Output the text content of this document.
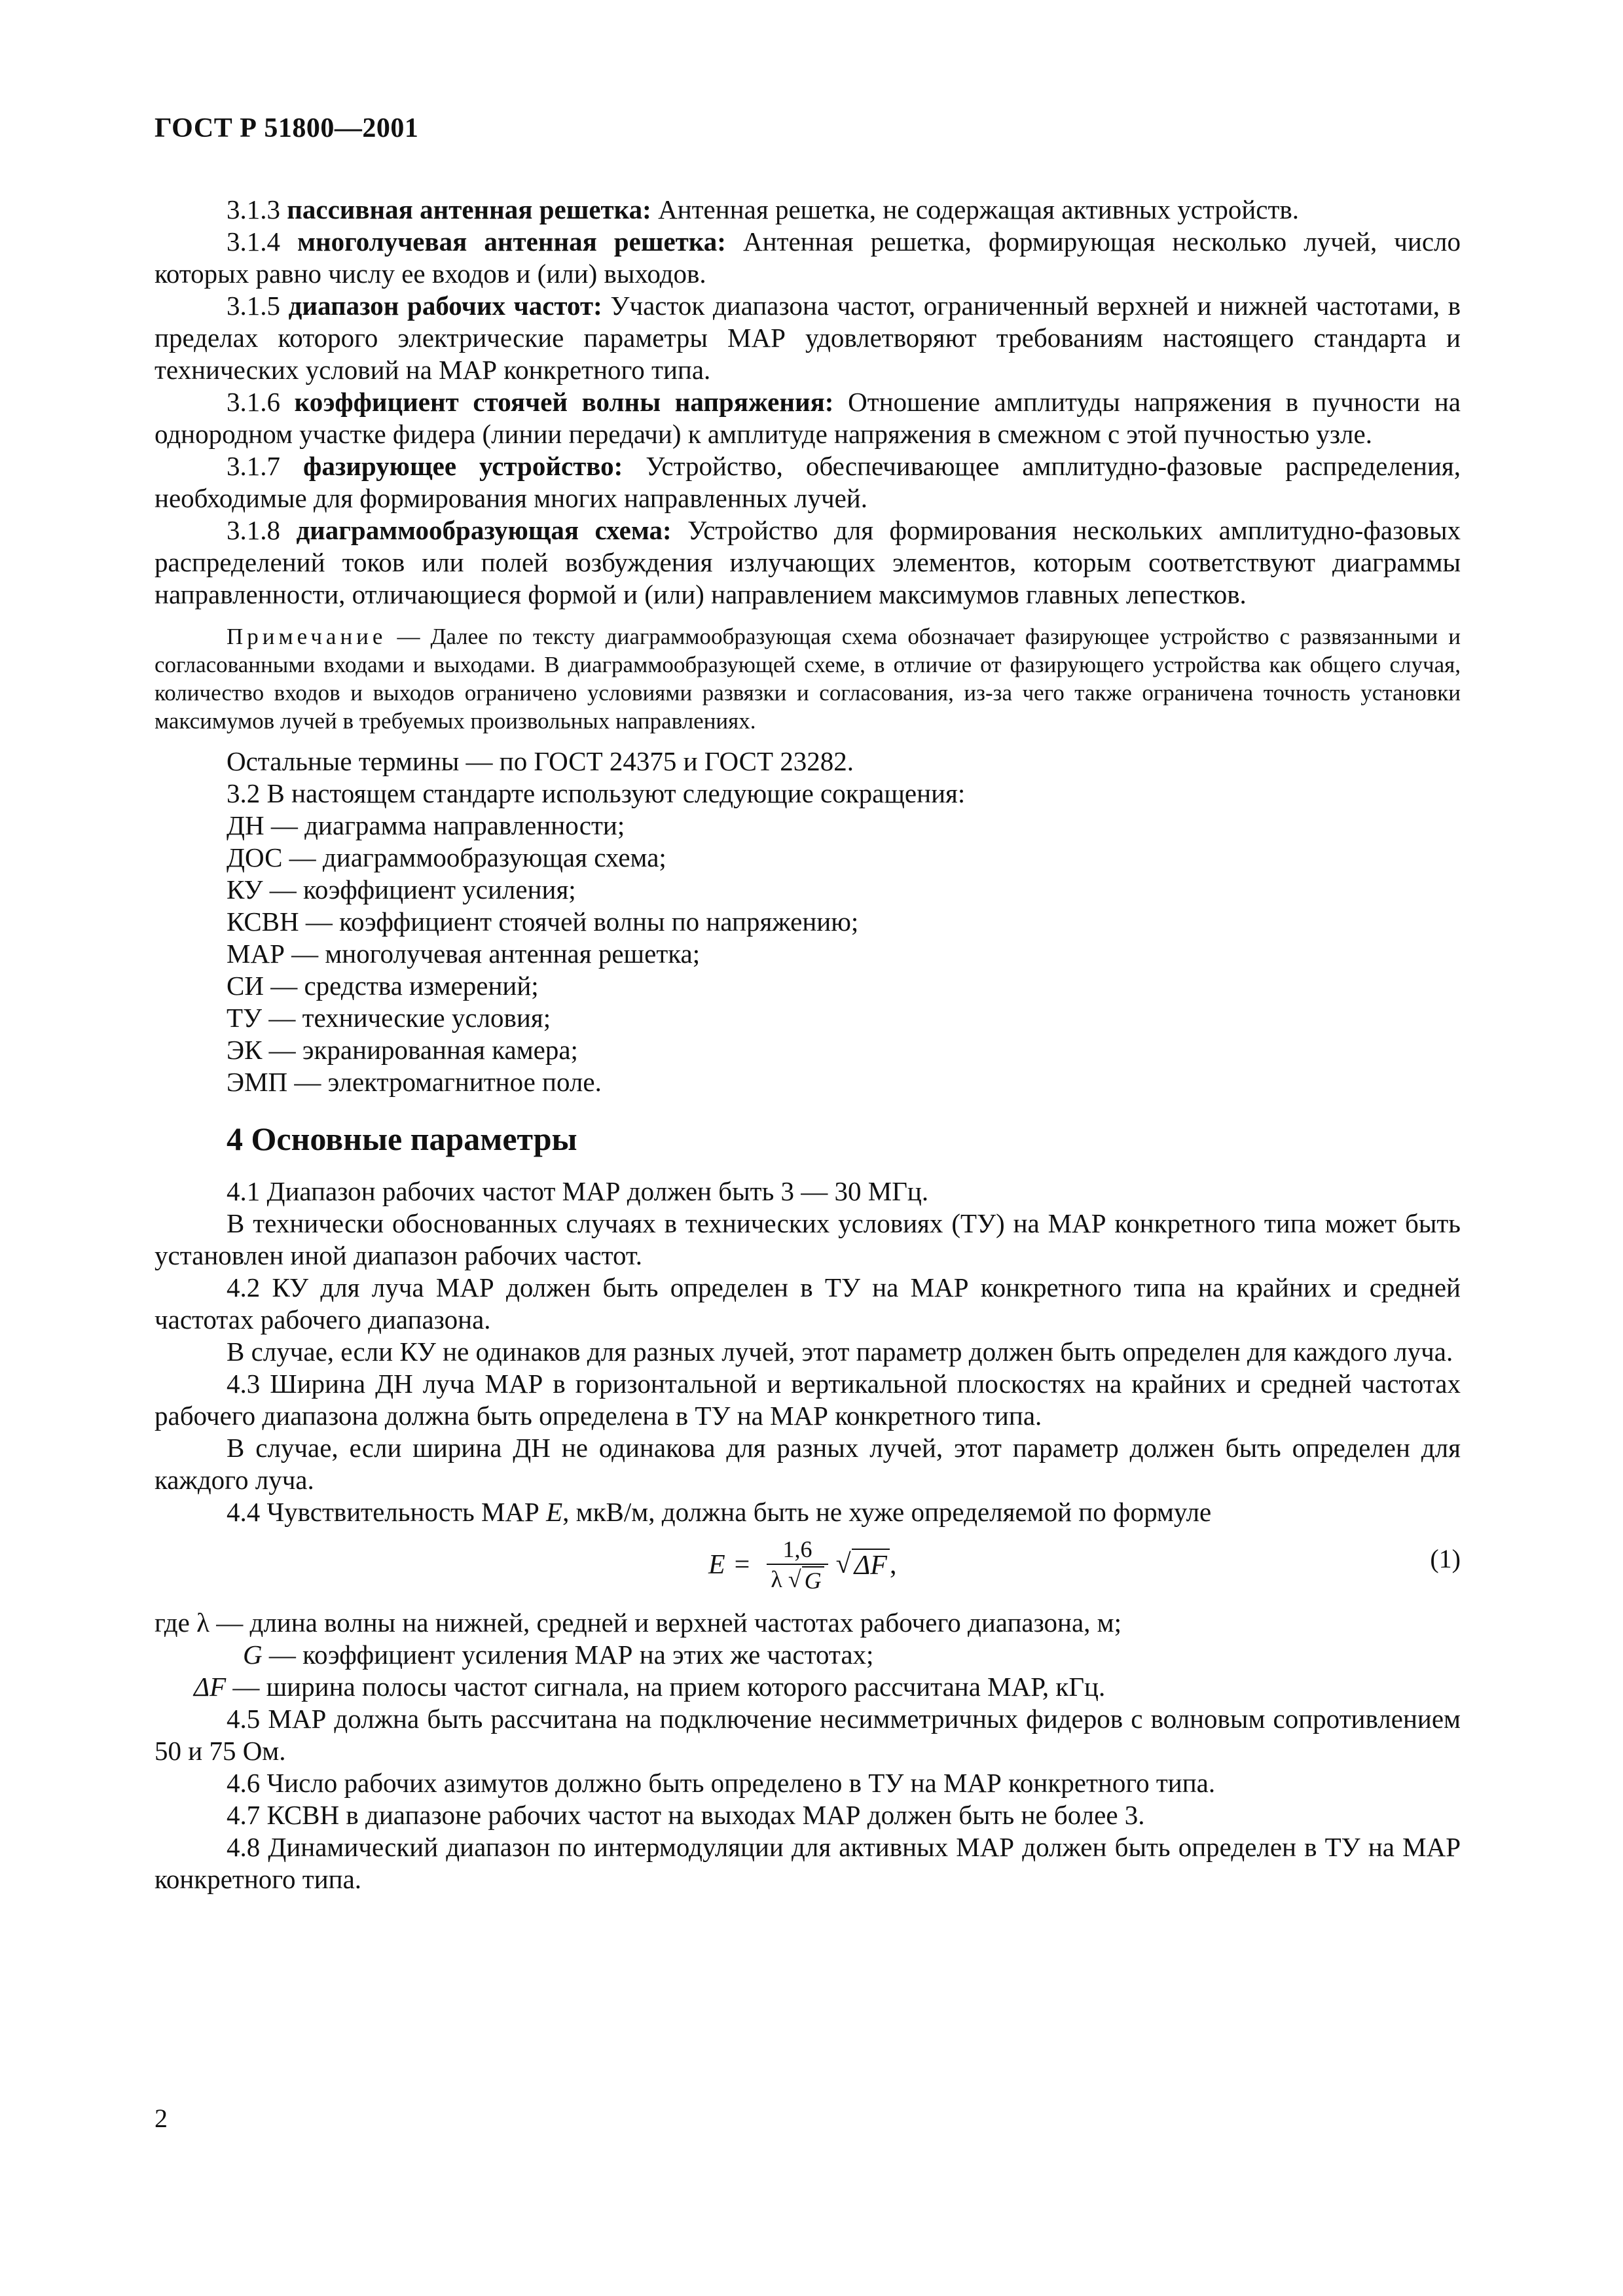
ГОСТ Р 51800—2001

3.1.3 пассивная антенная решетка: Антенная решетка, не содержащая активных устройств.

3.1.4 многолучевая антенная решетка: Антенная решетка, формирующая несколько лучей, число которых равно числу ее входов и (или) выходов.

3.1.5 диапазон рабочих частот: Участок диапазона частот, ограниченный верхней и нижней частотами, в пределах которого электрические параметры МАР удовлетворяют требованиям настоящего стандарта и технических условий на МАР конкретного типа.

3.1.6 коэффициент стоячей волны напряжения: Отношение амплитуды напряжения в пучности на однородном участке фидера (линии передачи) к амплитуде напряжения в смежном с этой пучностью узле.

3.1.7 фазирующее устройство: Устройство, обеспечивающее амплитудно-фазовые распределения, необходимые для формирования многих направленных лучей.

3.1.8 диаграммообразующая схема: Устройство для формирования нескольких амплитудно-фазовых распределений токов или полей возбуждения излучающих элементов, которым соответствуют диаграммы направленности, отличающиеся формой и (или) направлением максимумов главных лепестков.

Примечание — Далее по тексту диаграммообразующая схема обозначает фазирующее устройство с развязанными и согласованными входами и выходами. В диаграммообразующей схеме, в отличие от фазирующего устройства как общего случая, количество входов и выходов ограничено условиями развязки и согласования, из-за чего также ограничена точность установки максимумов лучей в требуемых произвольных направлениях.

Остальные термины — по ГОСТ 24375 и ГОСТ 23282.

3.2 В настоящем стандарте используют следующие сокращения:

ДН — диаграмма направленности;

ДОС — диаграммообразующая схема;

КУ — коэффициент усиления;

КСВН — коэффициент стоячей волны по напряжению;

МАР — многолучевая антенная решетка;

СИ — средства измерений;

ТУ — технические условия;

ЭК — экранированная камера;

ЭМП — электромагнитное поле.

4 Основные параметры

4.1 Диапазон рабочих частот МАР должен быть 3 — 30 МГц.

В технически обоснованных случаях в технических условиях (ТУ) на МАР конкретного типа может быть установлен иной диапазон рабочих частот.

4.2 КУ для луча МАР должен быть определен в ТУ на МАР конкретного типа на крайних и средней частотах рабочего диапазона.

В случае, если КУ не одинаков для разных лучей, этот параметр должен быть определен для каждого луча.

4.3 Ширина ДН луча МАР в горизонтальной и вертикальной плоскостях на крайних и средней частотах рабочего диапазона должна быть определена в ТУ на МАР конкретного типа.

В случае, если ширина ДН не одинакова для разных лучей, этот параметр должен быть определен для каждого луча.

4.4 Чувствительность МАР E, мкВ/м, должна быть не хуже определяемой по формуле

$E = \frac{1,6}{\lambda √ G}$ √ ΔF ,	(1)

где λ — длина волны на нижней, средней и верхней частотах рабочего диапазона, м;

G — коэффициент усиления МАР на этих же частотах;

ΔF — ширина полосы частот сигнала, на прием которого рассчитана МАР, кГц.

4.5 МАР должна быть рассчитана на подключение несимметричных фидеров с волновым сопротивлением 50 и 75 Ом.

4.6 Число рабочих азимутов должно быть определено в ТУ на МАР конкретного типа.

4.7 КСВН в диапазоне рабочих частот на выходах МАР должен быть не более 3.

4.8 Динамический диапазон по интермодуляции для активных МАР должен быть определен в ТУ на МАР конкретного типа.

2
